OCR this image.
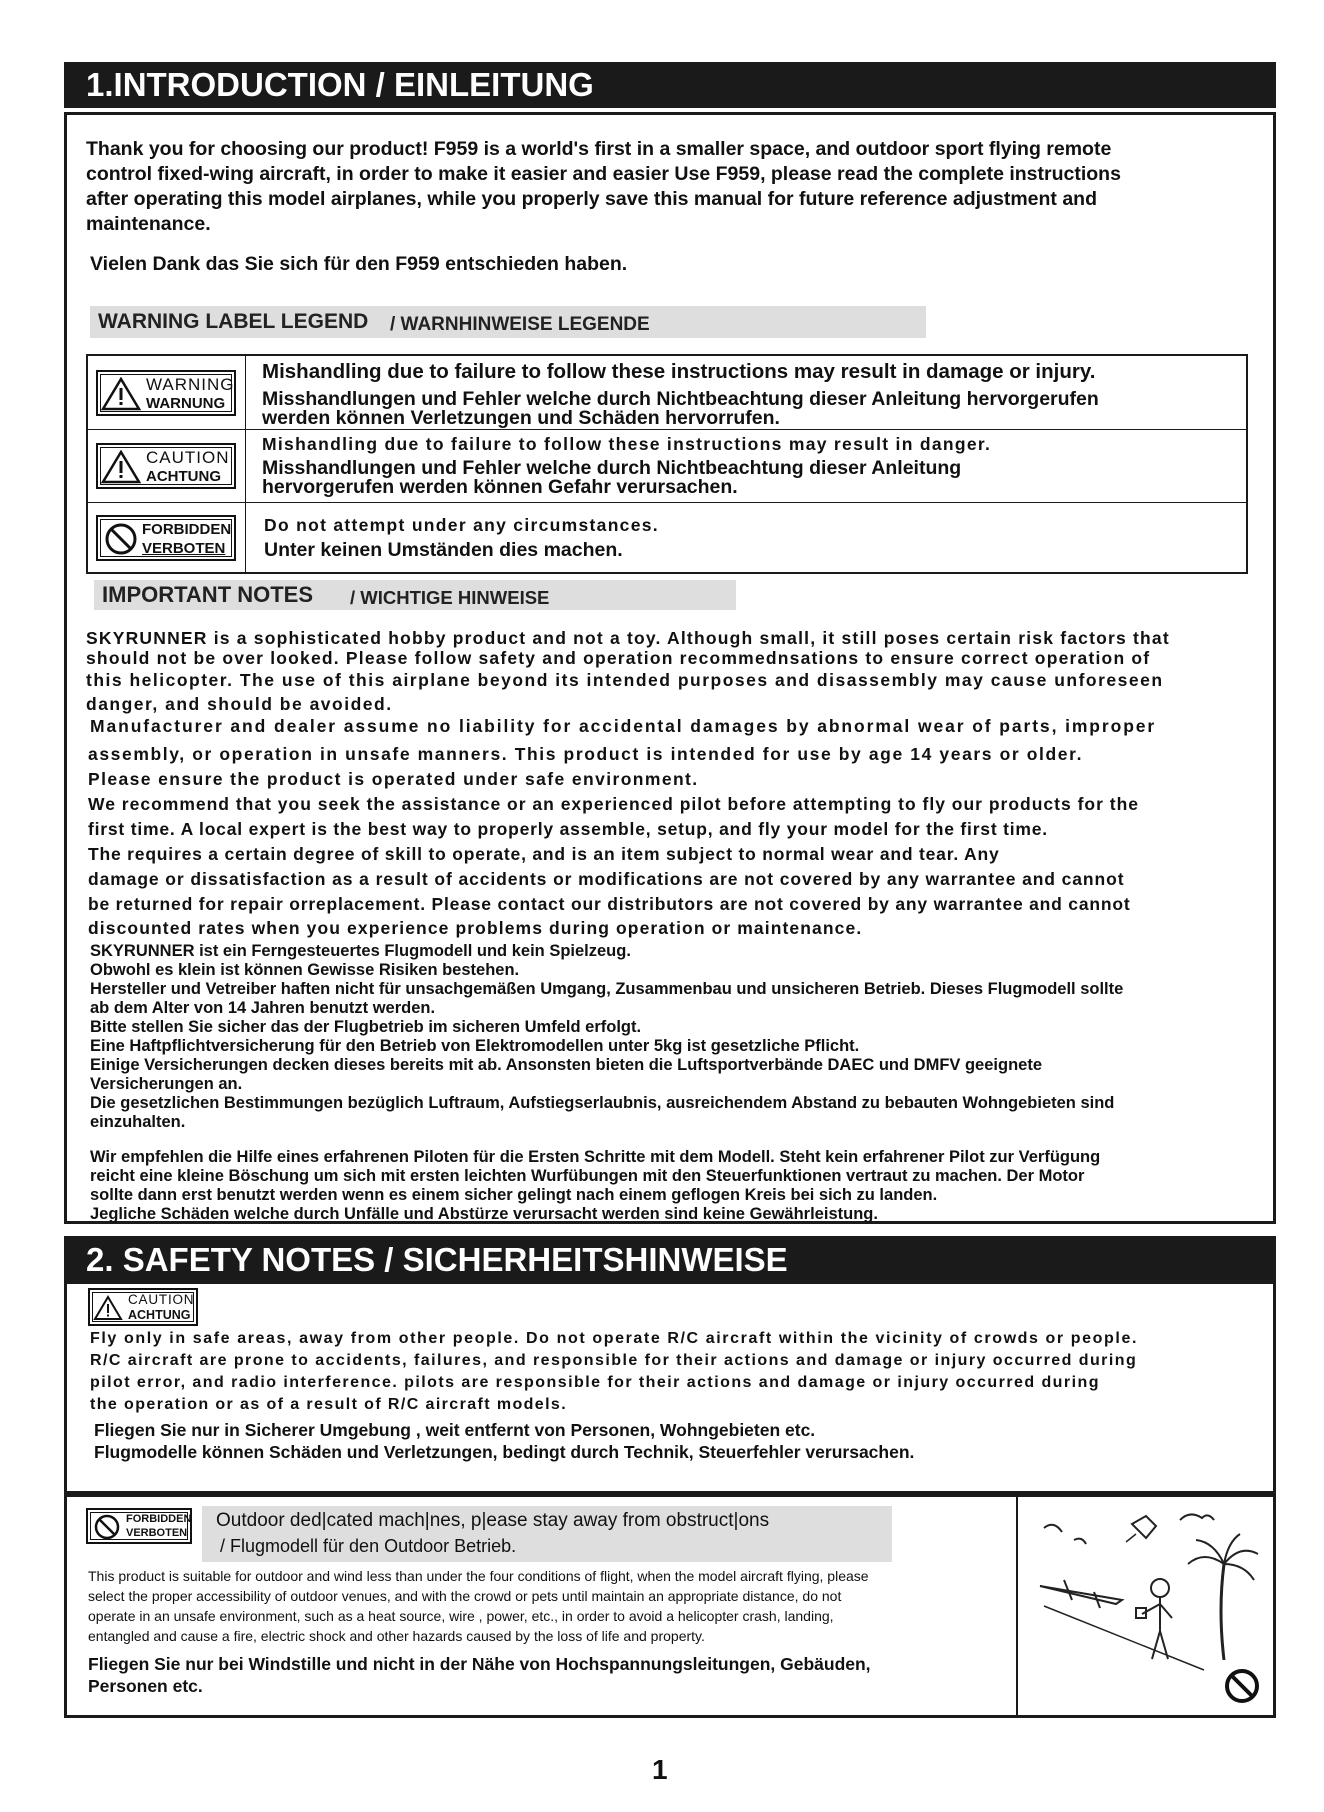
1.INTRODUCTION / EINLEITUNG
Thank you for choosing our product! F959 is a world's first in a smaller space, and outdoor sport flying remote
control fixed-wing aircraft, in order to make it easier and easier Use F959, please read the complete instructions
after operating this model airplanes, while you properly save this manual for future reference adjustment and
maintenance.
Vielen Dank das Sie sich für den F959 entschieden haben.
WARNING LABEL LEGEND / WARNHINWEISE LEGENDE
WARNING
WARNUNG
Mishandling due to failure to follow these instructions may result in damage or injury.
Misshandlungen und Fehler welche durch Nichtbeachtung dieser Anleitung hervorgerufen
werden können Verletzungen und Schäden hervorrufen.
CAUTION
ACHTUNG
Mishandling due to failure to follow these instructions may result in danger.
Misshandlungen und Fehler welche durch Nichtbeachtung dieser Anleitung
hervorgerufen werden können Gefahr verursachen.
FORBIDDEN
VERBOTEN
Do not attempt under any circumstances.
Unter keinen Umständen dies machen.
IMPORTANT NOTES / WICHTIGE HINWEISE
SKYRUNNER is a sophisticated hobby product and not a toy. Although small, it still poses certain risk factors that
should not be over looked. Please follow safety and operation recommednsations to ensure correct operation of
this helicopter. The use of this airplane beyond its intended purposes and disassembly may cause unforeseen
danger, and should be avoided.
Manufacturer and dealer assume no liability for accidental damages by abnormal wear of parts, improper
assembly, or operation in unsafe manners. This product is intended for use by age 14 years or older.
Please ensure the product is operated under safe environment.
We recommend that you seek the assistance or an experienced pilot before attempting to fly our products for the
first time. A local expert is the best way to properly assemble, setup, and fly your model for the first time.
The requires a certain degree of skill to operate, and is an item subject to normal wear and tear. Any
damage or dissatisfaction as a result of accidents or modifications are not covered by any warrantee and cannot
be returned for repair orreplacement. Please contact our distributors are not covered by any warrantee and cannot
discounted rates when you experience problems during operation or maintenance.
SKYRUNNER ist ein Ferngesteuertes Flugmodell und kein Spielzeug.
Obwohl es klein ist können Gewisse Risiken bestehen.
Hersteller und Vetreiber haften nicht für unsachgemäßen Umgang, Zusammenbau und unsicheren Betrieb. Dieses Flugmodell sollte
ab dem Alter von 14 Jahren benutzt werden.
Bitte stellen Sie sicher das der Flugbetrieb im sicheren Umfeld erfolgt.
Eine Haftpflichtversicherung für den Betrieb von Elektromodellen unter 5kg ist gesetzliche Pflicht.
Einige Versicherungen decken dieses bereits mit ab. Ansonsten bieten die Luftsportverbände DAEC und DMFV geeignete
Versicherungen an.
Die gesetzlichen Bestimmungen bezüglich Luftraum, Aufstiegserlaubnis, ausreichendem Abstand zu bebauten Wohngebieten sind
einzuhalten.
Wir empfehlen die Hilfe eines erfahrenen Piloten für die Ersten Schritte mit dem Modell. Steht kein erfahrener Pilot zur Verfügung
reicht eine kleine Böschung um sich mit ersten leichten Wurfübungen mit den Steuerfunktionen vertraut zu machen. Der Motor
sollte dann erst benutzt werden wenn es einem sicher gelingt nach einem geflogen Kreis bei sich zu landen.
Jegliche Schäden welche durch Unfälle und Abstürze verursacht werden sind keine Gewährleistung.
2. SAFETY NOTES / SICHERHEITSHINWEISE
CAUTION
ACHTUNG
Fly only in safe areas, away from other people. Do not operate R/C aircraft within the vicinity of crowds or people.
R/C aircraft are prone to accidents, failures, and responsible for their actions and damage or injury occurred during
pilot error, and radio interference. pilots are responsible for their actions and damage or injury occurred during
the operation or as of a result of R/C aircraft models.
Fliegen Sie nur in Sicherer Umgebung , weit entfernt von Personen, Wohngebieten etc.
Flugmodelle können Schäden und Verletzungen, bedingt durch Technik, Steuerfehler verursachen.
FORBIDDEN
VERBOTEN
Outdoor ded|cated mach|nes, p|ease stay away from obstruct|ons
/ Flugmodell für den Outdoor Betrieb.
This product is suitable for outdoor and wind less than under the four conditions of flight, when the model aircraft flying, please
select the proper accessibility of outdoor venues, and with the crowd or pets until maintain an appropriate distance, do not
operate in an unsafe environment, such as a heat source, wire , power, etc., in order to avoid a helicopter crash, landing,
entangled and cause a fire, electric shock and other hazards caused by the loss of life and property.
Fliegen Sie nur bei Windstille und nicht in der Nähe von Hochspannungsleitungen, Gebäuden,
Personen etc.
1
